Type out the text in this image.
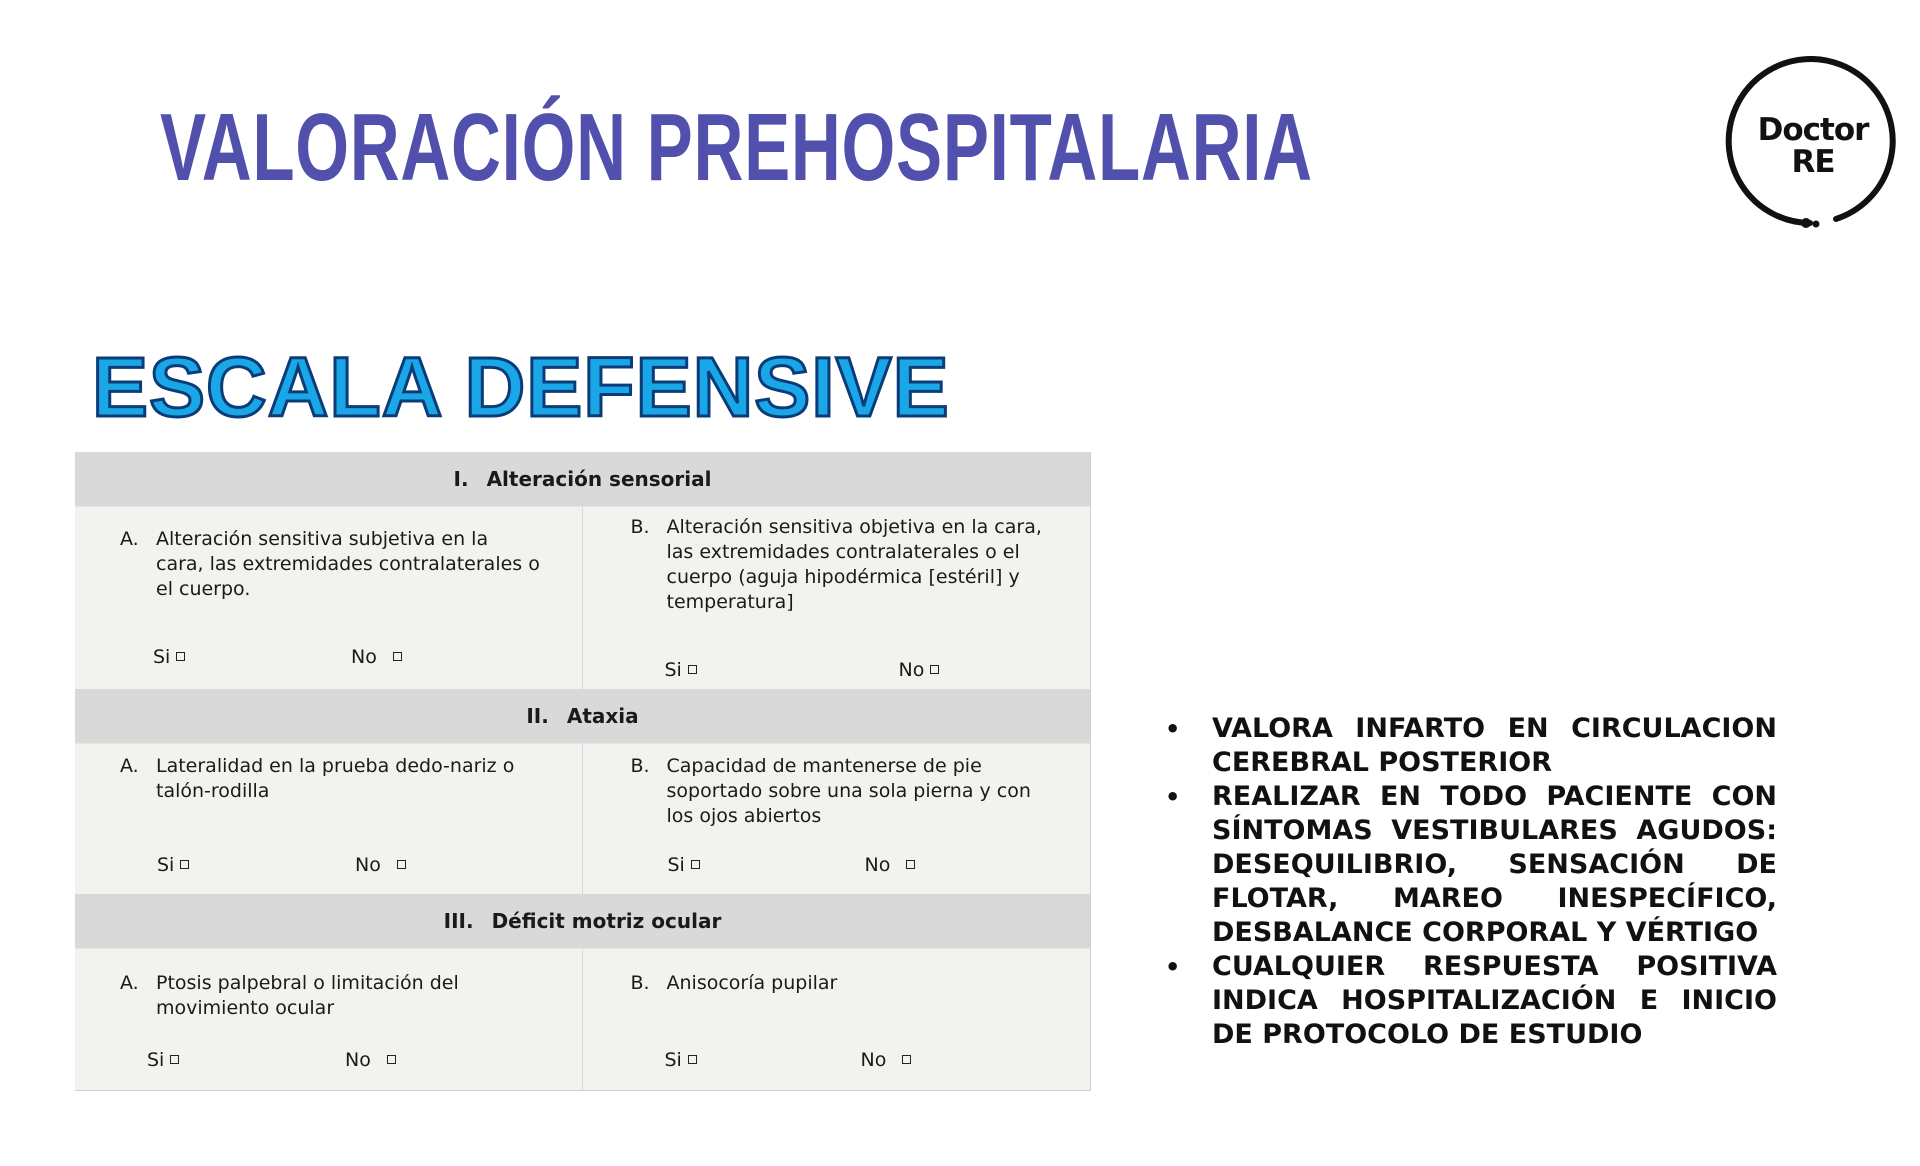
VALORACIÓN PREHOSPITALARIA	Doctor
RE
ESCALA DEFENSIVE
I. Alteración sensorial
A. Alteración sensitiva subjetiva en la cara, las extremidades contralaterales o el cuerpo.
Si	No
B. Alteración sensitiva objetiva en la cara, las extremidades contralaterales o el cuerpo (aguja hipodérmica [estéril] y temperatura]
Si	No
II. Ataxia
A. Lateralidad en la prueba dedo-nariz o talón-rodilla
Si	No
B. Capacidad de mantenerse de pie soportado sobre una sola pierna y con los ojos abiertos
Si	No
III. Déficit motriz ocular
A. Ptosis palpebral o limitación del movimiento ocular
Si	No
B. Anisocoría pupilar
Si	No
• VALORA INFARTO EN CIRCULACION CEREBRAL POSTERIOR
• REALIZAR EN TODO PACIENTE CON SÍNTOMAS VESTIBULARES AGUDOS: DESEQUILIBRIO, SENSACIÓN DE FLOTAR, MAREO INESPECÍFICO, DESBALANCE CORPORAL Y VÉRTIGO
• CUALQUIER RESPUESTA POSITIVA INDICA HOSPITALIZACIÓN E INICIO DE PROTOCOLO DE ESTUDIO
